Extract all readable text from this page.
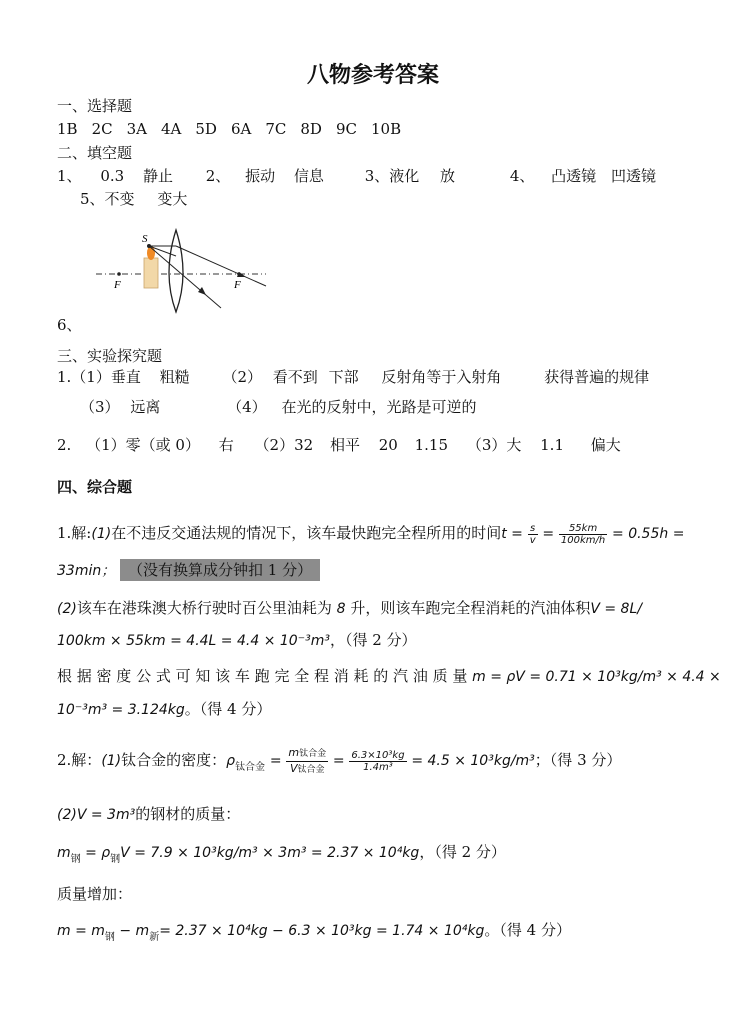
八物参考答案
一、选择题
1B 2C 3A 4A 5D 6A 7C 8D 9C 10B
二、填空题
1、 0.3 静止 2、 振动 信息	3、液化 放	4、 凸透镜 凹透镜
5、不变 变大
S
F	F
6、
三、实验探究题
1.（1）垂直 粗糙 （2） 看不到 下部 反射角等于入射角	获得普遍的规律
（3） 远离	（4） 在光的反射中，光路是可逆的
2. （1）零（或 0） 右 （2）32 相平 20 1.15 （3）大 1.1 偏大
四、综合题
1.解:(1)在不违反交通法规的情况下，该车最快跑完全程所用的时间$t = \frac{s}{v} = \frac{55km}{100km/h}$ = 0.55ℎ =
33min； （没有换算成分钟扣 1 分）
(2)该车在港珠澳大桥行驶时百公里油耗为 8 升，则该车跑完全程消耗的汽油体积V = 8L/
100km × 55km = 4.4L = 4.4 × 10⁻³m³，（得 2 分）
根 据 密 度 公 式 可 知 该 车 跑 完 全 程 消 耗 的 汽 油 质 量 m = ρV = 0.71 × 10³kg/m³ × 4.4 ×
10⁻³m³ = 3.124kg。（得 4 分）
2.解：(1)钛合金的密度：$\rho_{钛合金} = \frac{\text{m钛合金}}{\text{V钛合金}} = \frac{\text{6.3×10³kg}}{\text{1.4m³}} = 4.5 \times 10^3kg/m^3$；（得 3 分）
(2)V = 3m³的钢材的质量：
$m_钢 = \rho_钢V = 7.9 \times 10^3kg/m^3 \times 3m^3 = 2.37 \times 10^4kg$，（得 2 分）
质量增加：
$m = m_钢 - m_新= 2.37 \times 10^4kg - 6.3 \times 10^3kg = 1.74 \times 10^4kg$。（得 4 分）
